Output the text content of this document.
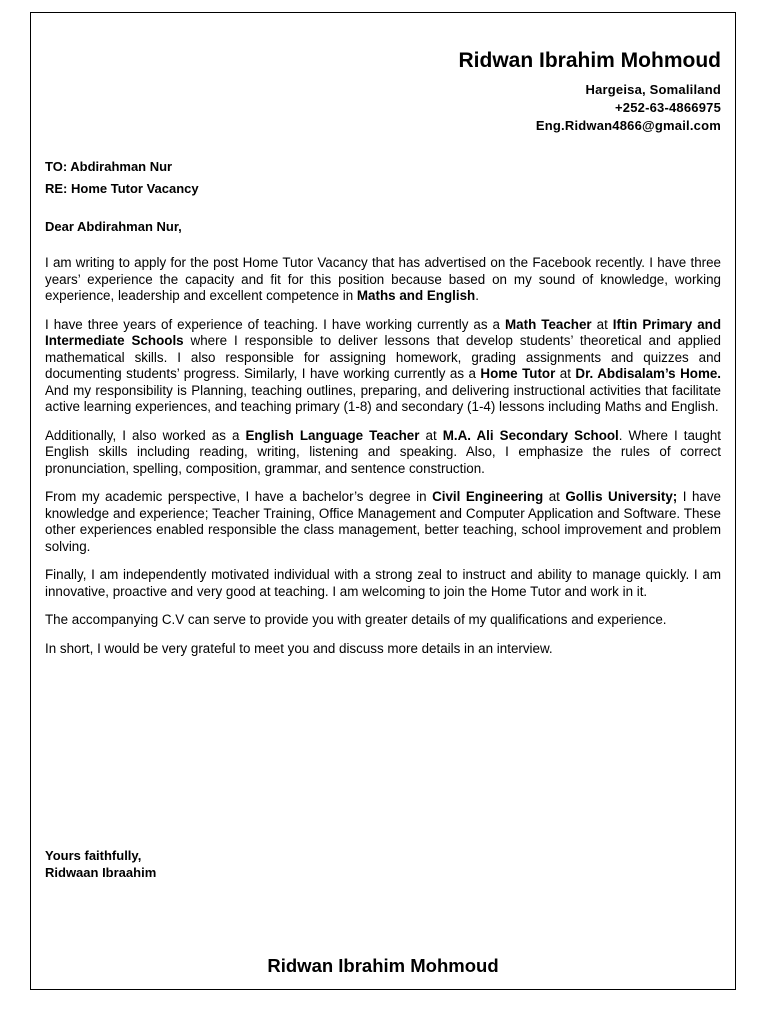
Ridwan Ibrahim Mohmoud
Hargeisa, Somaliland
+252-63-4866975
Eng.Ridwan4866@gmail.com
TO: Abdirahman Nur
RE: Home Tutor Vacancy
Dear Abdirahman Nur,

I am writing to apply for the post Home Tutor Vacancy that has advertised on the Facebook recently. I have three years’ experience the capacity and fit for this position because based on my sound of knowledge, working experience, leadership and excellent competence in Maths and English.

I have three years of experience of teaching. I have working currently as a Math Teacher at Iftin Primary and Intermediate Schools where I responsible to deliver lessons that develop students’ theoretical and applied mathematical skills. I also responsible for assigning homework, grading assignments and quizzes and documenting students’ progress. Similarly, I have working currently as a Home Tutor at Dr. Abdisalam’s Home. And my responsibility is Planning, teaching outlines, preparing, and delivering instructional activities that facilitate active learning experiences, and teaching primary (1-8) and secondary (1-4) lessons including Maths and English.

Additionally, I also worked as a English Language Teacher at M.A. Ali Secondary School. Where I taught English skills including reading, writing, listening and speaking. Also, I emphasize the rules of correct pronunciation, spelling, composition, grammar, and sentence construction.

From my academic perspective, I have a bachelor’s degree in Civil Engineering at Gollis University; I have knowledge and experience; Teacher Training, Office Management and Computer Application and Software. These other experiences enabled responsible the class management, better teaching, school improvement and problem solving.

Finally, I am independently motivated individual with a strong zeal to instruct and ability to manage quickly. I am innovative, proactive and very good at teaching. I am welcoming to join the Home Tutor and work in it.

The accompanying C.V can serve to provide you with greater details of my qualifications and experience.

In short, I would be very grateful to meet you and discuss more details in an interview.

Yours faithfully,
Ridwaan Ibraahim
Ridwan Ibrahim Mohmoud
